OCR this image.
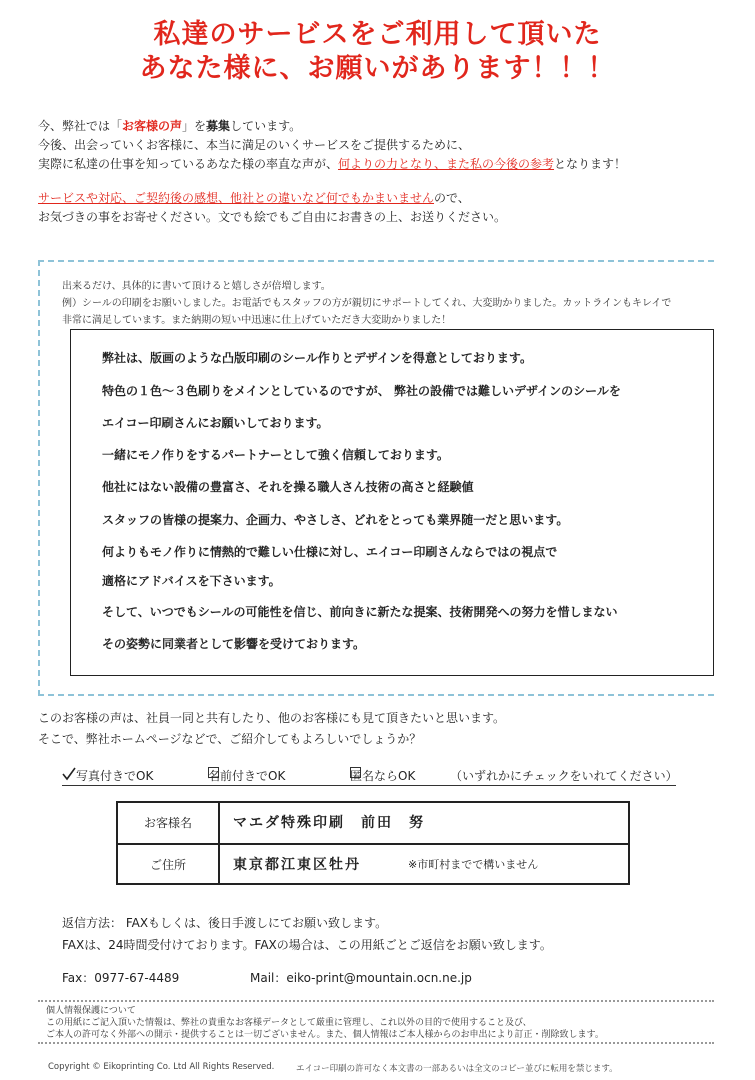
私達のサービスをご利用して頂いた
あなた様に、お願いがあります！！！
今、弊社では「お客様の声」を募集しています。
今後、出会っていくお客様に、本当に満足のいくサービスをご提供するために、
実際に私達の仕事を知っているあなた様の率直な声が、何よりの力となり、また私の今後の参考となります！
サービスや対応、ご契約後の感想、他社との違いなど何でもかまいませんので、
お気づきの事をお寄せください。文でも絵でもご自由にお書きの上、お送りください。
出来るだけ、具体的に書いて頂けると嬉しさが倍増します。
例）シールの印刷をお願いしました。お電話でもスタッフの方が親切にサポートしてくれ、大変助かりました。カットラインもキレイで
非常に満足しています。また納期の短い中迅速に仕上げていただき大変助かりました！
弊社は、版画のような凸版印刷のシール作りとデザインを得意としております。
特色の１色～３色刷りをメインとしているのですが、 弊社の設備では難しいデザインのシールを
エイコー印刷さんにお願いしております。
一緒にモノ作りをするパートナーとして強く信頼しております。
他社にはない設備の豊富さ、それを操る職人さん技術の高さと経験値
スタッフの皆様の提案力、企画力、やさしさ、どれをとっても業界随一だと思います。
何よりもモノ作りに情熱的で難しい仕様に対し、エイコー印刷さんならではの視点で
適格にアドバイスを下さいます。
そして、いつでもシールの可能性を信じ、前向きに新たな提案、技術開発への努力を惜しまない
その姿勢に同業者として影響を受けております。
このお客様の声は、社員一同と共有したり、他のお客様にも見て頂きたいと思います。
そこで、弊社ホームページなどで、ご紹介してもよろしいでしょうか？
写真付きでOK	名前付きでOK	匿名ならOK	（いずれかにチェックをいれてください）
お客様名	マエダ特殊印刷　前田　努
ご住所	東京都江東区牡丹	※市町村までで構いません
返信方法： FAXもしくは、後日手渡しにてお願い致します。
FAXは、24時間受付けております。FAXの場合は、この用紙ごとご返信をお願い致します。
Fax：0977-67-4489	Mail：eiko-print@mountain.ocn.ne.jp
個人情報保護について
この用紙にご記入頂いた情報は、弊社の貴重なお客様データとして厳重に管理し、これ以外の目的で使用すること及び、
ご本人の許可なく外部への開示・提供することは一切ございません。また、個人情報はご本人様からのお申出により訂正・削除致します。
Copyright © Eikoprinting Co. Ltd All Rights Reserved.	エイコー印刷の許可なく本文書の一部あるいは全文のコピー並びに転用を禁じます。
